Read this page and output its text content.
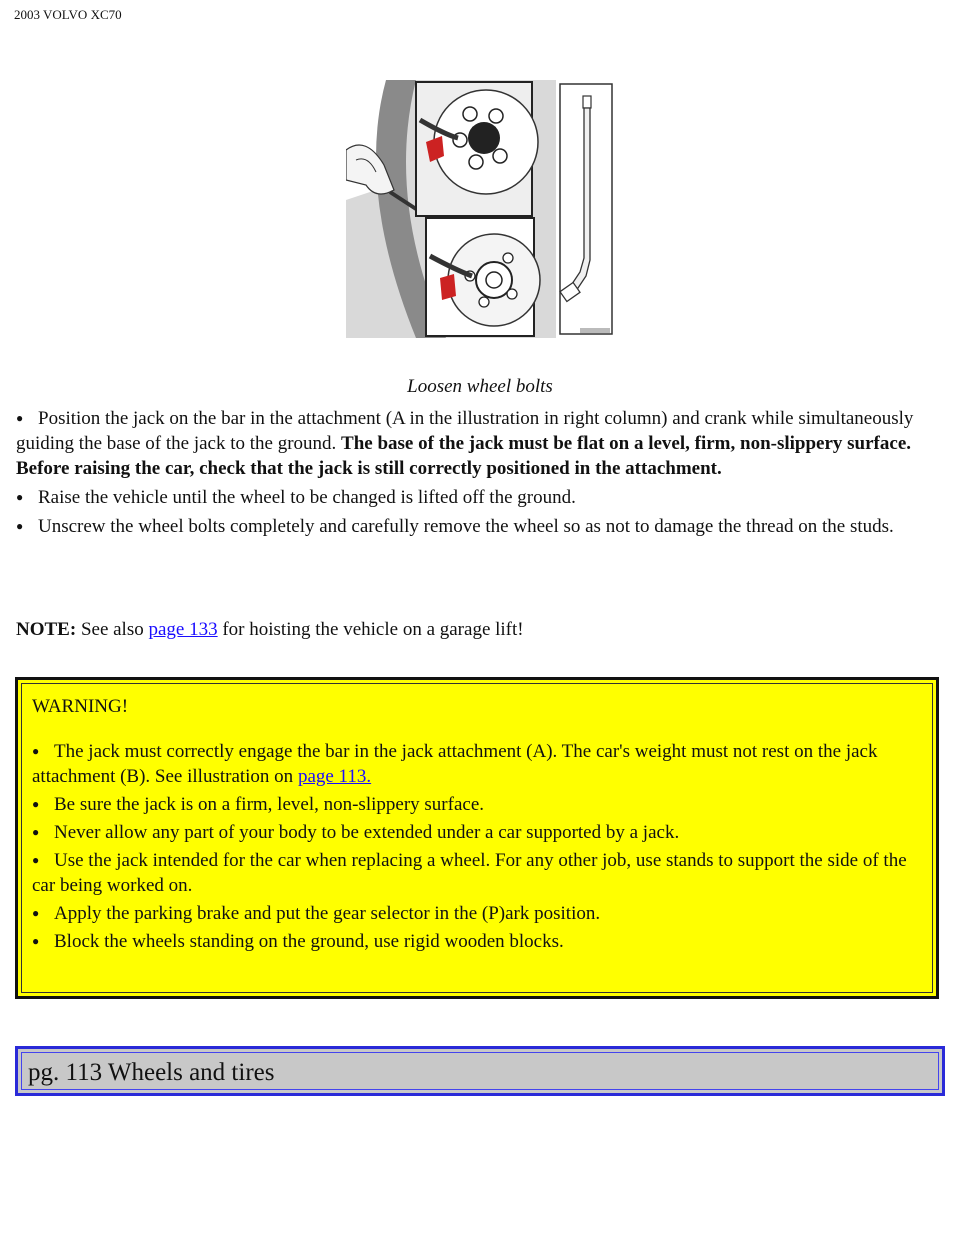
2003 VOLVO XC70
Loosen wheel bolts

● Position the jack on the bar in the attachment (A in the illustration in right column) and crank while simultaneously guiding the base of the jack to the ground. The base of the jack must be flat on a level, firm, non-slippery surface. Before raising the car, check that the jack is still correctly positioned in the attachment.

● Raise the vehicle until the wheel to be changed is lifted off the ground.

● Unscrew the wheel bolts completely and carefully remove the wheel so as not to damage the thread on the studs.

NOTE: See also page 133 for hoisting the vehicle on a garage lift!
WARNING!

● The jack must correctly engage the bar in the jack attachment (A). The car's weight must not rest on the jack attachment (B). See illustration on page 113.

● Be sure the jack is on a firm, level, non-slippery surface.

● Never allow any part of your body to be extended under a car supported by a jack.

● Use the jack intended for the car when replacing a wheel. For any other job, use stands to support the side of the car being worked on.

● Apply the parking brake and put the gear selector in the (P)ark position.

● Block the wheels standing on the ground, use rigid wooden blocks.

pg. 113 Wheels and tires
